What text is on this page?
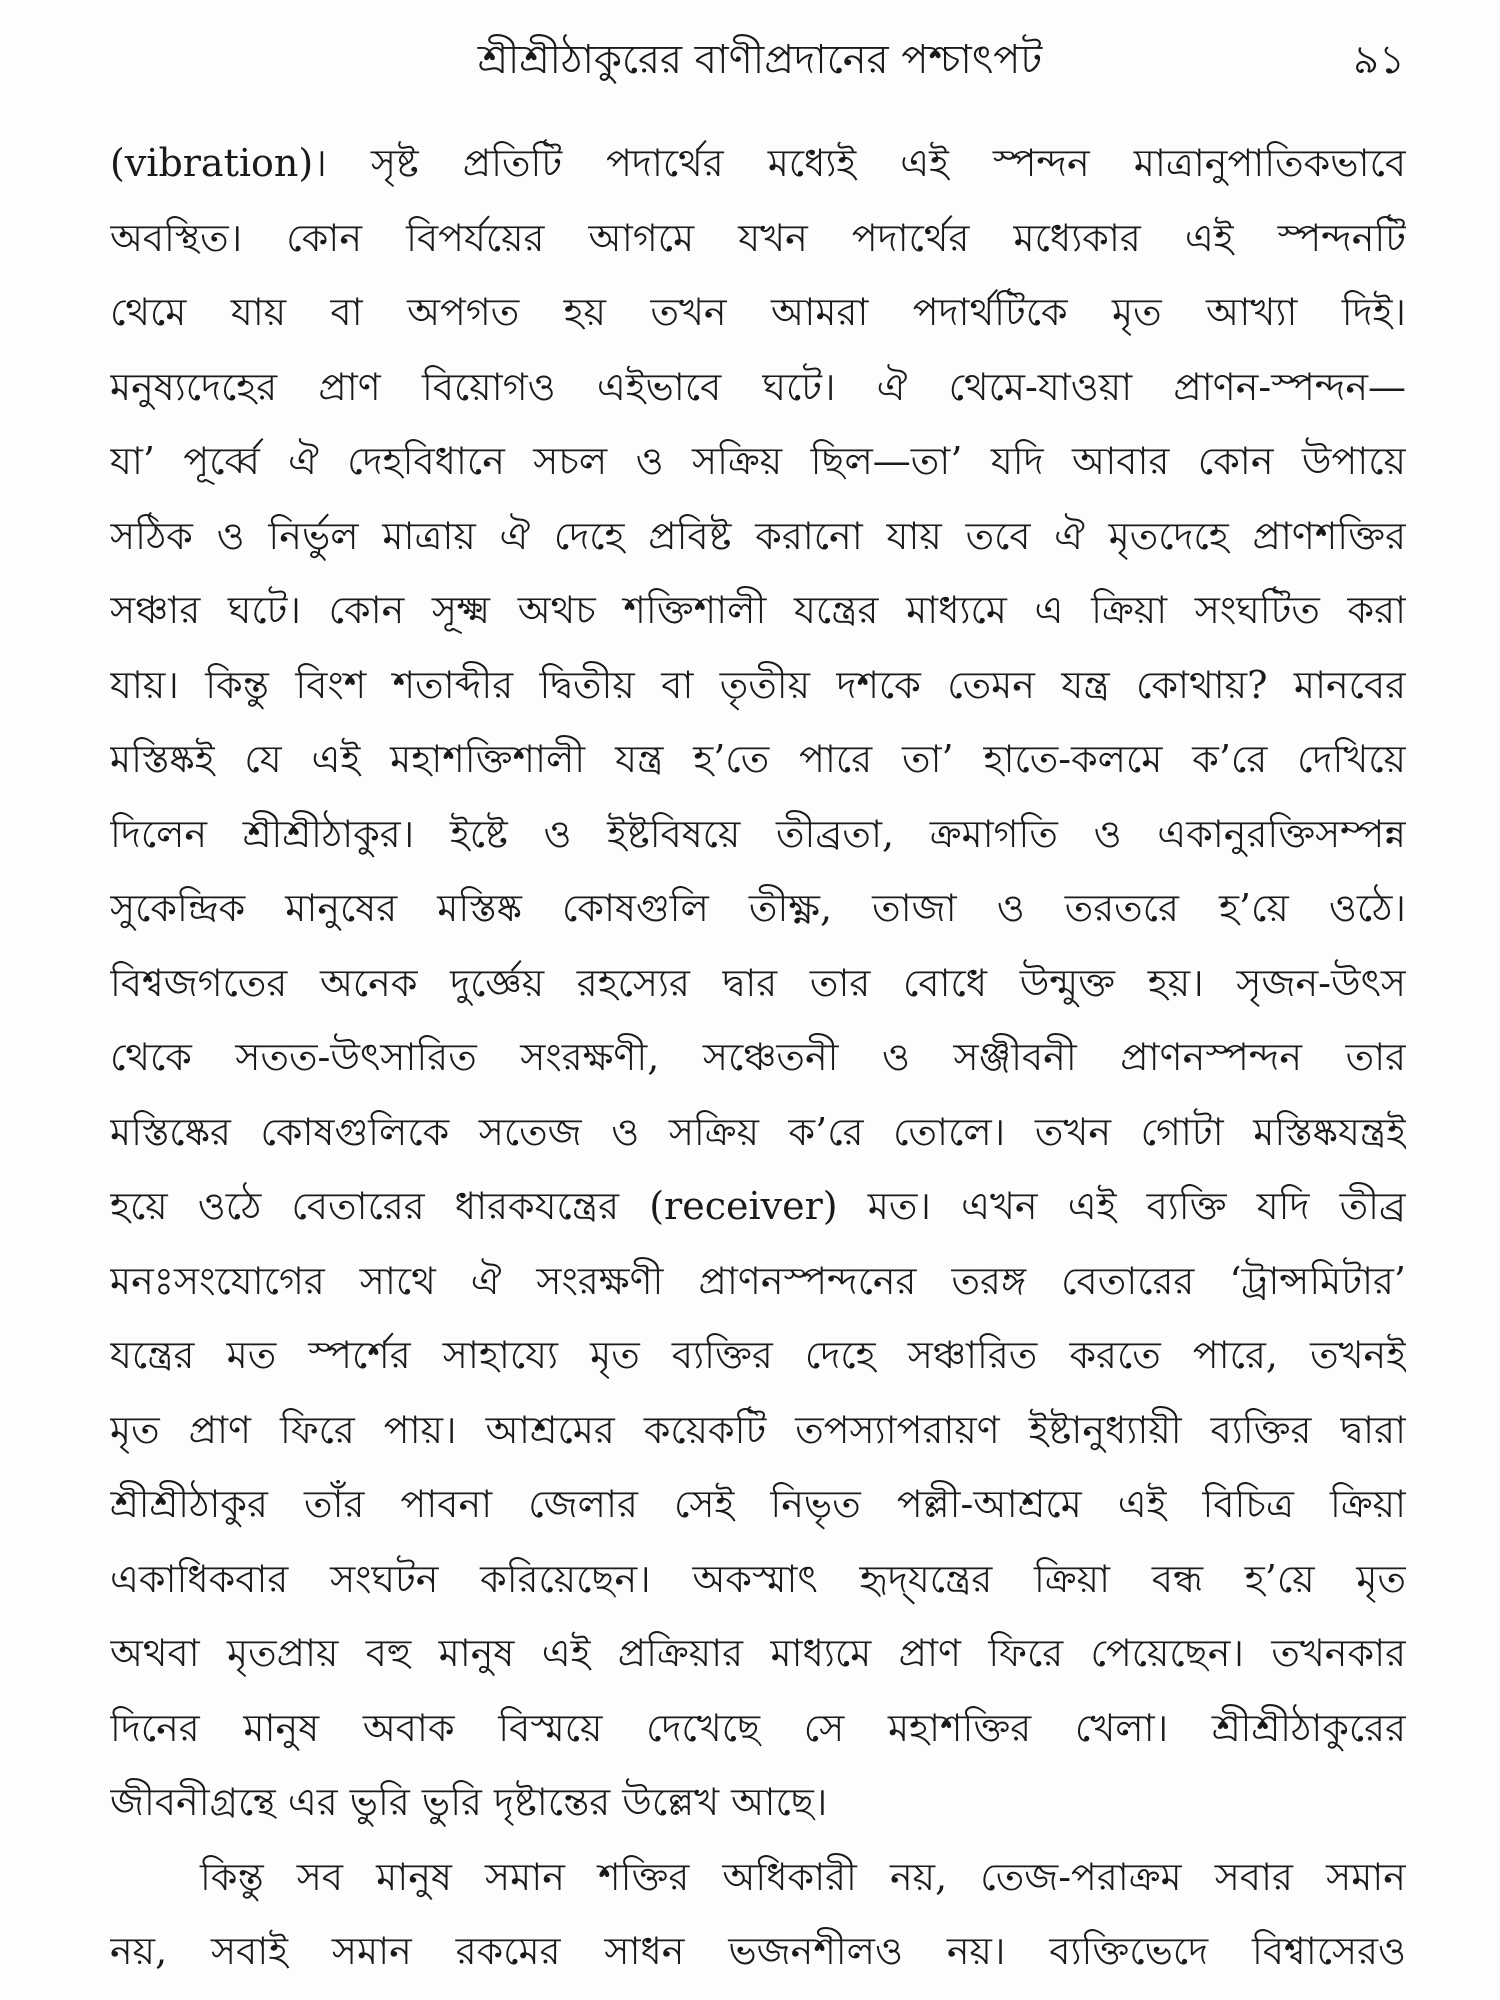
শ্রীশ্রীঠাকুরের বাণীপ্রদানের পশ্চাৎপট	৯১
(vibration)। সৃষ্ট প্রতিটি পদার্থের মধ্যেই এই স্পন্দন মাত্রানুপাতিকভাবে
অবস্থিত। কোন বিপর্যয়ের আগমে যখন পদার্থের মধ্যেকার এই স্পন্দনটি
থেমে যায় বা অপগত হয় তখন আমরা পদার্থটিকে মৃত আখ্যা দিই।
মনুষ্যদেহের প্রাণ বিয়োগও এইভাবে ঘটে। ঐ থেমে-যাওয়া প্রাণন-স্পন্দন—
যা’ পূর্ব্বে ঐ দেহবিধানে সচল ও সক্রিয় ছিল—তা’ যদি আবার কোন উপায়ে
সঠিক ও নির্ভুল মাত্রায় ঐ দেহে প্রবিষ্ট করানো যায় তবে ঐ মৃতদেহে প্রাণশক্তির
সঞ্চার ঘটে। কোন সূক্ষ্ম অথচ শক্তিশালী যন্ত্রের মাধ্যমে এ ক্রিয়া সংঘটিত করা
যায়। কিন্তু বিংশ শতাব্দীর দ্বিতীয় বা তৃতীয় দশকে তেমন যন্ত্র কোথায়? মানবের
মস্তিষ্কই যে এই মহাশক্তিশালী যন্ত্র হ’তে পারে তা’ হাতে-কলমে ক’রে দেখিয়ে
দিলেন শ্রীশ্রীঠাকুর। ইষ্টে ও ইষ্টবিষয়ে তীব্রতা, ক্রমাগতি ও একানুরক্তিসম্পন্ন
সুকেন্দ্রিক মানুষের মস্তিষ্ক কোষগুলি তীক্ষ্ণ, তাজা ও তরতরে হ’য়ে ওঠে।
বিশ্বজগতের অনেক দুর্জ্ঞেয় রহস্যের দ্বার তার বোধে উন্মুক্ত হয়। সৃজন-উৎস
থেকে সতত-উৎসারিত সংরক্ষণী, সঞ্চেতনী ও সঞ্জীবনী প্রাণনস্পন্দন তার
মস্তিষ্কের কোষগুলিকে সতেজ ও সক্রিয় ক’রে তোলে। তখন গোটা মস্তিষ্কযন্ত্রই
হয়ে ওঠে বেতারের ধারকযন্ত্রের (receiver) মত। এখন এই ব্যক্তি যদি তীব্র
মনঃসংযোগের সাথে ঐ সংরক্ষণী প্রাণনস্পন্দনের তরঙ্গ বেতারের ‘ট্রান্সমিটার’
যন্ত্রের মত স্পর্শের সাহায্যে মৃত ব্যক্তির দেহে সঞ্চারিত করতে পারে, তখনই
মৃত প্রাণ ফিরে পায়। আশ্রমের কয়েকটি তপস্যাপরায়ণ ইষ্টানুধ্যায়ী ব্যক্তির দ্বারা
শ্রীশ্রীঠাকুর তাঁর পাবনা জেলার সেই নিভৃত পল্লী-আশ্রমে এই বিচিত্র ক্রিয়া
একাধিকবার সংঘটন করিয়েছেন। অকস্মাৎ হৃদ্‌যন্ত্রের ক্রিয়া বন্ধ হ’য়ে মৃত
অথবা মৃতপ্রায় বহু মানুষ এই প্রক্রিয়ার মাধ্যমে প্রাণ ফিরে পেয়েছেন। তখনকার
দিনের মানুষ অবাক বিস্ময়ে দেখেছে সে মহাশক্তির খেলা। শ্রীশ্রীঠাকুরের
জীবনীগ্রন্থে এর ভুরি ভুরি দৃষ্টান্তের উল্লেখ আছে।
কিন্তু সব মানুষ সমান শক্তির অধিকারী নয়, তেজ-পরাক্রম সবার সমান
নয়, সবাই সমান রকমের সাধন ভজনশীলও নয়। ব্যক্তিভেদে বিশ্বাসেরও
